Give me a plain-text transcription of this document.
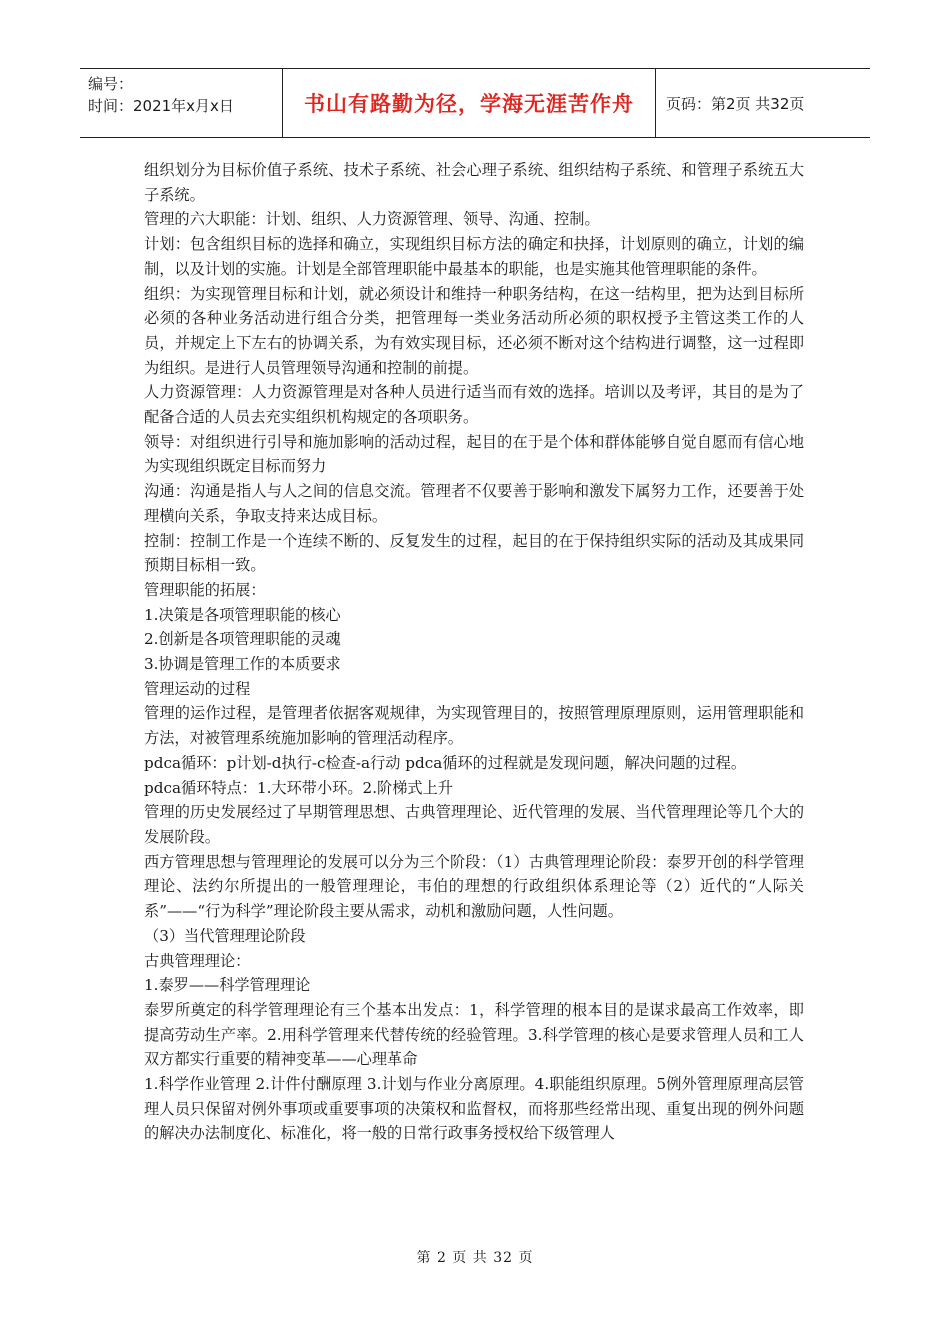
编号：
时间：2021年x月x日	书山有路勤为径，学海无涯苦作舟	页码：第2页 共32页

组织划分为目标价值子系统、技术子系统、社会心理子系统、组织结构子系统、和管理子系统五大子系统。

管理的六大职能：计划、组织、人力资源管理、领导、沟通、控制。

计划：包含组织目标的选择和确立，实现组织目标方法的确定和抉择，计划原则的确立，计划的编制，以及计划的实施。计划是全部管理职能中最基本的职能，也是实施其他管理职能的条件。

组织：为实现管理目标和计划，就必须设计和维持一种职务结构，在这一结构里，把为达到目标所必须的各种业务活动进行组合分类，把管理每一类业务活动所必须的职权授予主管这类工作的人员，并规定上下左右的协调关系，为有效实现目标，还必须不断对这个结构进行调整，这一过程即为组织。是进行人员管理领导沟通和控制的前提。

人力资源管理：人力资源管理是对各种人员进行适当而有效的选择。培训以及考评，其目的是为了配备合适的人员去充实组织机构规定的各项职务。

领导：对组织进行引导和施加影响的活动过程，起目的在于是个体和群体能够自觉自愿而有信心地为实现组织既定目标而努力

沟通：沟通是指人与人之间的信息交流。管理者不仅要善于影响和激发下属努力工作，还要善于处理横向关系，争取支持来达成目标。

控制：控制工作是一个连续不断的、反复发生的过程，起目的在于保持组织实际的活动及其成果同预期目标相一致。

管理职能的拓展：

1.决策是各项管理职能的核心

2.创新是各项管理职能的灵魂

3.协调是管理工作的本质要求

管理运动的过程

管理的运作过程，是管理者依据客观规律，为实现管理目的，按照管理原理原则，运用管理职能和方法，对被管理系统施加影响的管理活动程序。

pdca循环：p计划-d执行-c检查-a行动 pdca循环的过程就是发现问题，解决问题的过程。

pdca循环特点：1.大环带小环。2.阶梯式上升

管理的历史发展经过了早期管理思想、古典管理理论、近代管理的发展、当代管理理论等几个大的发展阶段。

西方管理思想与管理理论的发展可以分为三个阶段：（1）古典管理理论阶段：泰罗开创的科学管理理论、法约尔所提出的一般管理理论，韦伯的理想的行政组织体系理论等（2）近代的“人际关系”——“行为科学”理论阶段主要从需求，动机和激励问题，人性问题。

（3）当代管理理论阶段

古典管理理论：

1.泰罗——科学管理理论

泰罗所奠定的科学管理理论有三个基本出发点：1，科学管理的根本目的是谋求最高工作效率，即提高劳动生产率。2.用科学管理来代替传统的经验管理。3.科学管理的核心是要求管理人员和工人双方都实行重要的精神变革——心理革命

1.科学作业管理 2.计件付酬原理 3.计划与作业分离原理。4.职能组织原理。5例外管理原理高层管理人员只保留对例外事项或重要事项的决策权和监督权，而将那些经常出现、重复出现的例外问题的解决办法制度化、标准化，将一般的日常行政事务授权给下级管理人

第 2 页 共 32 页
